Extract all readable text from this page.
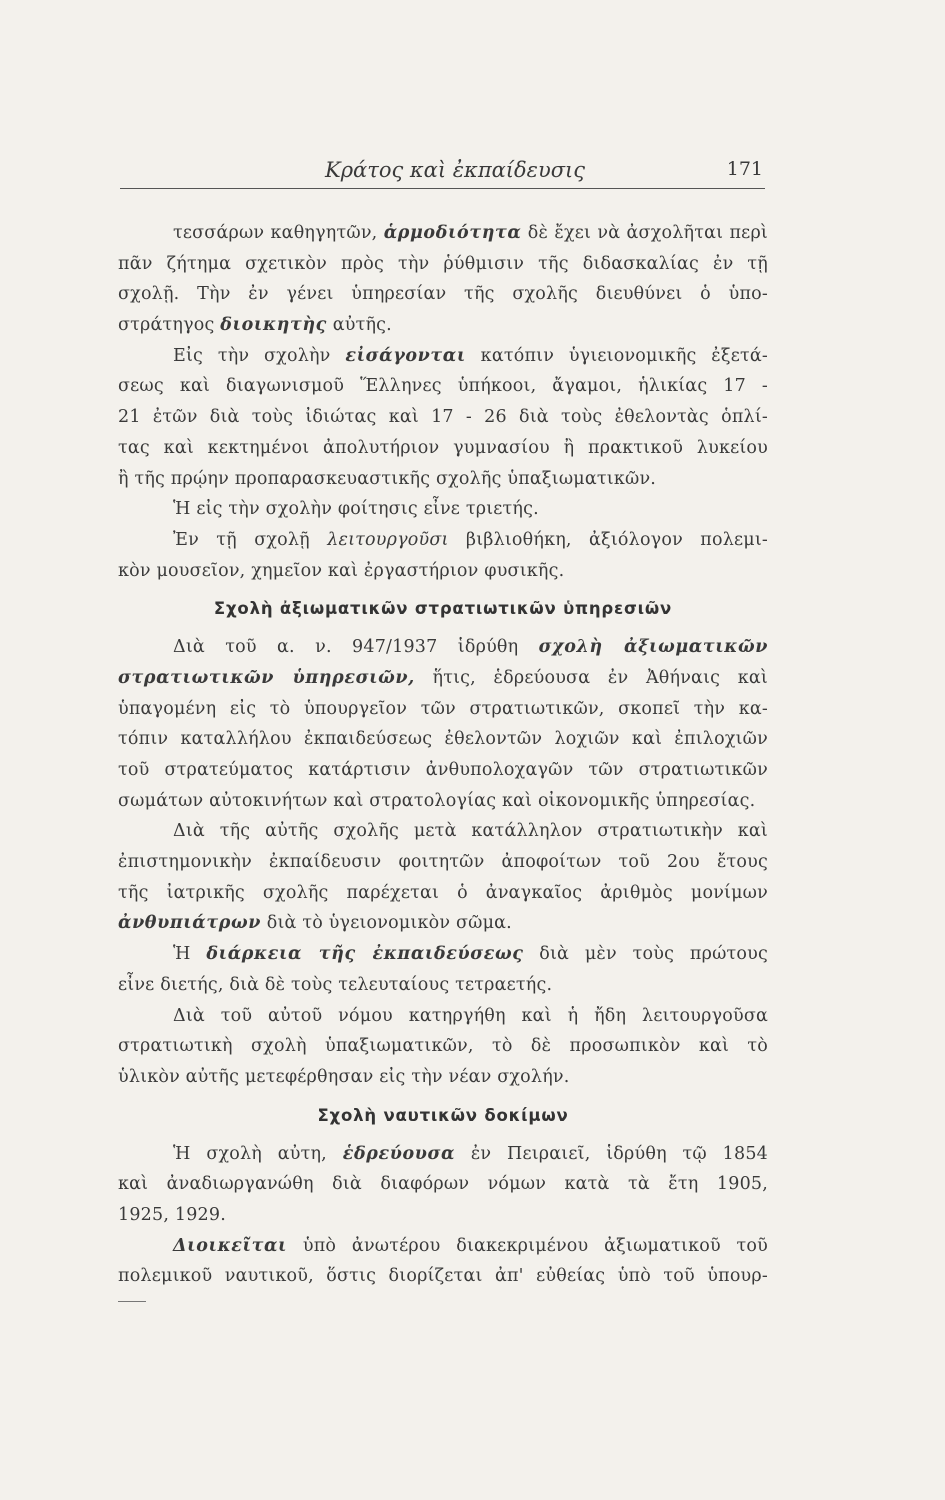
Κράτος καὶ ἐκπαίδευσις	171
τεσσάρων καθηγητῶν, ἁρμοδιότητα δὲ ἔχει νὰ ἀσχολῆται περὶ
πᾶν ζήτημα σχετικὸν πρὸς τὴν ῥύθμισιν τῆς διδασκαλίας ἐν τῇ
σχολῇ. Τὴν ἐν γένει ὑπηρεσίαν τῆς σχολῆς διευθύνει ὁ ὑπο-
στράτηγος διοικητὴς αὐτῆς.
Εἰς τὴν σχολὴν εἰσάγονται κατόπιν ὑγιειονομικῆς ἐξετά-
σεως καὶ διαγωνισμοῦ Ἕλληνες ὑπήκοοι, ἄγαμοι, ἡλικίας 17 -
21 ἐτῶν διὰ τοὺς ἰδιώτας καὶ 17 - 26 διὰ τοὺς ἐθελοντὰς ὁπλί-
τας καὶ κεκτημένοι ἀπολυτήριον γυμνασίου ἢ πρακτικοῦ λυκείου
ἢ τῆς πρῴην προπαρασκευαστικῆς σχολῆς ὑπαξιωματικῶν.
Ἡ εἰς τὴν σχολὴν φοίτησις εἶνε τριετής.
Ἐν τῇ σχολῇ λειτουργοῦσι βιβλιοθήκη, ἀξιόλογον πολεμι-
κὸν μουσεῖον, χημεῖον καὶ ἐργαστήριον φυσικῆς.
Σχολὴ ἀξιωματικῶν στρατιωτικῶν ὑπηρεσιῶν
Διὰ τοῦ α. ν. 947/1937 ἱδρύθη σχολὴ ἀξιωματικῶν
στρατιωτικῶν ὑπηρεσιῶν, ἥτις, ἑδρεύουσα ἐν Ἀθήναις καὶ
ὑπαγομένη εἰς τὸ ὑπουργεῖον τῶν στρατιωτικῶν, σκοπεῖ τὴν κα-
τόπιν καταλλήλου ἐκπαιδεύσεως ἐθελοντῶν λοχιῶν καὶ ἐπιλοχιῶν
τοῦ στρατεύματος κατάρτισιν ἀνθυπολοχαγῶν τῶν στρατιωτικῶν
σωμάτων αὐτοκινήτων καὶ στρατολογίας καὶ οἰκονομικῆς ὑπηρεσίας.
Διὰ τῆς αὐτῆς σχολῆς μετὰ κατάλληλον στρατιωτικὴν καὶ
ἐπιστημονικὴν ἐκπαίδευσιν φοιτητῶν ἀποφοίτων τοῦ 2ου ἔτους
τῆς ἰατρικῆς σχολῆς παρέχεται ὁ ἀναγκαῖος ἀριθμὸς μονίμων
ἀνθυπιάτρων διὰ τὸ ὑγειονομικὸν σῶμα.
Ἡ διάρκεια τῆς ἐκπαιδεύσεως διὰ μὲν τοὺς πρώτους
εἶνε διετής, διὰ δὲ τοὺς τελευταίους τετραετής.
Διὰ τοῦ αὐτοῦ νόμου κατηργήθη καὶ ἡ ἤδη λειτουργοῦσα
στρατιωτικὴ σχολὴ ὑπαξιωματικῶν, τὸ δὲ προσωπικὸν καὶ τὸ
ὑλικὸν αὐτῆς μετεφέρθησαν εἰς τὴν νέαν σχολήν.
Σχολὴ ναυτικῶν δοκίμων
Ἡ σχολὴ αὐτη, ἑδρεύουσα ἐν Πειραιεῖ, ἱδρύθη τῷ 1854
καὶ ἀναδιωργανώθη διὰ διαφόρων νόμων κατὰ τὰ ἔτη 1905,
1925, 1929.
Διοικεῖται ὑπὸ ἀνωτέρου διακεκριμένου ἀξιωματικοῦ τοῦ
πολεμικοῦ ναυτικοῦ, ὅστις διορίζεται ἀπ' εὐθείας ὑπὸ τοῦ ὑπουρ-
